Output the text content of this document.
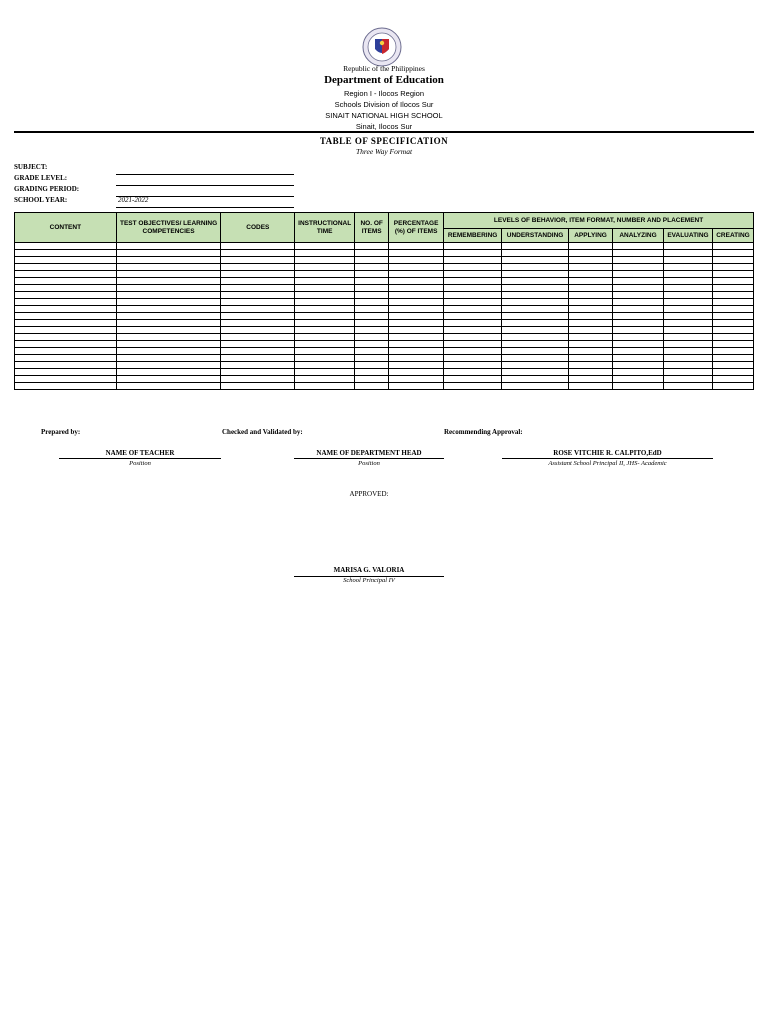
Republic of the Philippines
Department of Education
Region I - Ilocos Region
Schools Division of Ilocos Sur
SINAIT NATIONAL HIGH SCHOOL
Sinait, Ilocos Sur
TABLE OF SPECIFICATION
Three Way Format
SUBJECT:
GRADE LEVEL:
GRADING PERIOD:
SCHOOL YEAR:	2021-2022
CONTENT	TEST OBJECTIVES/ LEARNING COMPETENCIES	CODES	INSTRUCTIONAL TIME	NO. OF ITEMS	PERCENTAGE (%) OF ITEMS	LEVELS OF BEHAVIOR, ITEM FORMAT, NUMBER AND PLACEMENT					
						REMEMBERING	UNDERSTANDING	APPLYING	ANALYZING	EVALUATING	CREATING

Prepared by:	Checked and Validated by:	Recommending Approval:
NAME OF TEACHER
Position
NAME OF DEPARTMENT HEAD
Position
ROSE VITCHIE R. CALPITO,EdD
Assistant School Principal II, JHS- Academic
APPROVED:
MARISA G. VALORIA
School Principal IV
